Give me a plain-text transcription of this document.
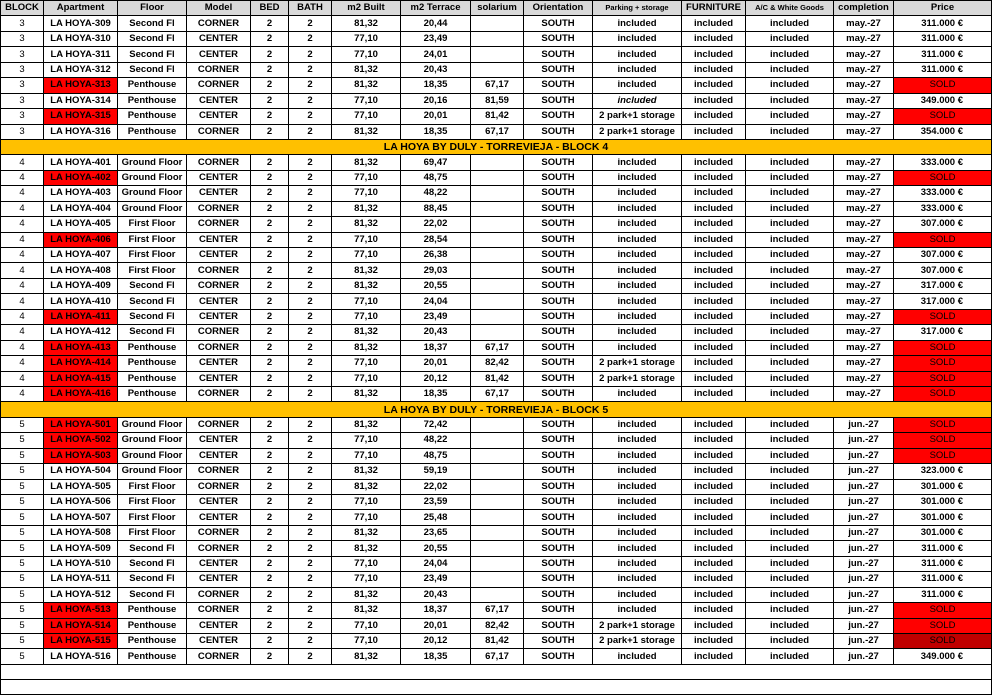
BLOCK	Apartment	Floor	Model	BED	BATH	m2 Built	m2 Terrace	solarium	Orientation	Parking + storage	FURNITURE	A/C & White Goods	completion	Price
3	LA HOYA-309	Second Fl	CORNER	2	2	81,32	20,44		SOUTH	included	included	included	may.-27	311.000 €
3	LA HOYA-310	Second Fl	CENTER	2	2	77,10	23,49		SOUTH	included	included	included	may.-27	311.000 €
3	LA HOYA-311	Second Fl	CENTER	2	2	77,10	24,01		SOUTH	included	included	included	may.-27	311.000 €
3	LA HOYA-312	Second Fl	CORNER	2	2	81,32	20,43		SOUTH	included	included	included	may.-27	311.000 €
3	LA HOYA-313	Penthouse	CORNER	2	2	81,32	18,35	67,17	SOUTH	included	included	included	may.-27	SOLD
3	LA HOYA-314	Penthouse	CENTER	2	2	77,10	20,16	81,59	SOUTH	included	included	included	may.-27	349.000 €
3	LA HOYA-315	Penthouse	CENTER	2	2	77,10	20,01	81,42	SOUTH	2 park+1 storage	included	included	may.-27	SOLD
3	LA HOYA-316	Penthouse	CORNER	2	2	81,32	18,35	67,17	SOUTH	2 park+1 storage	included	included	may.-27	354.000 €
LA HOYA BY DULY - TORREVIEJA - BLOCK 4														
4	LA HOYA-401	Ground Floor	CORNER	2	2	81,32	69,47		SOUTH	included	included	included	may.-27	333.000 €
4	LA HOYA-402	Ground Floor	CENTER	2	2	77,10	48,75		SOUTH	included	included	included	may.-27	SOLD
4	LA HOYA-403	Ground Floor	CENTER	2	2	77,10	48,22		SOUTH	included	included	included	may.-27	333.000 €
4	LA HOYA-404	Ground Floor	CORNER	2	2	81,32	88,45		SOUTH	included	included	included	may.-27	333.000 €
4	LA HOYA-405	First Floor	CORNER	2	2	81,32	22,02		SOUTH	included	included	included	may.-27	307.000 €
4	LA HOYA-406	First Floor	CENTER	2	2	77,10	28,54		SOUTH	included	included	included	may.-27	SOLD
4	LA HOYA-407	First Floor	CENTER	2	2	77,10	26,38		SOUTH	included	included	included	may.-27	307.000 €
4	LA HOYA-408	First Floor	CORNER	2	2	81,32	29,03		SOUTH	included	included	included	may.-27	307.000 €
4	LA HOYA-409	Second Fl	CORNER	2	2	81,32	20,55		SOUTH	included	included	included	may.-27	317.000 €
4	LA HOYA-410	Second Fl	CENTER	2	2	77,10	24,04		SOUTH	included	included	included	may.-27	317.000 €
4	LA HOYA-411	Second Fl	CENTER	2	2	77,10	23,49		SOUTH	included	included	included	may.-27	SOLD
4	LA HOYA-412	Second Fl	CORNER	2	2	81,32	20,43		SOUTH	included	included	included	may.-27	317.000 €
4	LA HOYA-413	Penthouse	CORNER	2	2	81,32	18,37	67,17	SOUTH	included	included	included	may.-27	SOLD
4	LA HOYA-414	Penthouse	CENTER	2	2	77,10	20,01	82,42	SOUTH	2 park+1 storage	included	included	may.-27	SOLD
4	LA HOYA-415	Penthouse	CENTER	2	2	77,10	20,12	81,42	SOUTH	2 park+1 storage	included	included	may.-27	SOLD
4	LA HOYA-416	Penthouse	CORNER	2	2	81,32	18,35	67,17	SOUTH	included	included	included	may.-27	SOLD
LA HOYA BY DULY - TORREVIEJA - BLOCK 5														
5	LA HOYA-501	Ground Floor	CORNER	2	2	81,32	72,42		SOUTH	included	included	included	jun.-27	SOLD
5	LA HOYA-502	Ground Floor	CENTER	2	2	77,10	48,22		SOUTH	included	included	included	jun.-27	SOLD
5	LA HOYA-503	Ground Floor	CENTER	2	2	77,10	48,75		SOUTH	included	included	included	jun.-27	SOLD
5	LA HOYA-504	Ground Floor	CORNER	2	2	81,32	59,19		SOUTH	included	included	included	jun.-27	323.000 €
5	LA HOYA-505	First Floor	CORNER	2	2	81,32	22,02		SOUTH	included	included	included	jun.-27	301.000 €
5	LA HOYA-506	First Floor	CENTER	2	2	77,10	23,59		SOUTH	included	included	included	jun.-27	301.000 €
5	LA HOYA-507	First Floor	CENTER	2	2	77,10	25,48		SOUTH	included	included	included	jun.-27	301.000 €
5	LA HOYA-508	First Floor	CORNER	2	2	81,32	23,65		SOUTH	included	included	included	jun.-27	301.000 €
5	LA HOYA-509	Second Fl	CORNER	2	2	81,32	20,55		SOUTH	included	included	included	jun.-27	311.000 €
5	LA HOYA-510	Second Fl	CENTER	2	2	77,10	24,04		SOUTH	included	included	included	jun.-27	311.000 €
5	LA HOYA-511	Second Fl	CENTER	2	2	77,10	23,49		SOUTH	included	included	included	jun.-27	311.000 €
5	LA HOYA-512	Second Fl	CORNER	2	2	81,32	20,43		SOUTH	included	included	included	jun.-27	311.000 €
5	LA HOYA-513	Penthouse	CORNER	2	2	81,32	18,37	67,17	SOUTH	included	included	included	jun.-27	SOLD
5	LA HOYA-514	Penthouse	CENTER	2	2	77,10	20,01	82,42	SOUTH	2 park+1 storage	included	included	jun.-27	SOLD
5	LA HOYA-515	Penthouse	CENTER	2	2	77,10	20,12	81,42	SOUTH	2 park+1 storage	included	included	jun.-27	SOLD
5	LA HOYA-516	Penthouse	CORNER	2	2	81,32	18,35	67,17	SOUTH	included	included	included	jun.-27	349.000 €
